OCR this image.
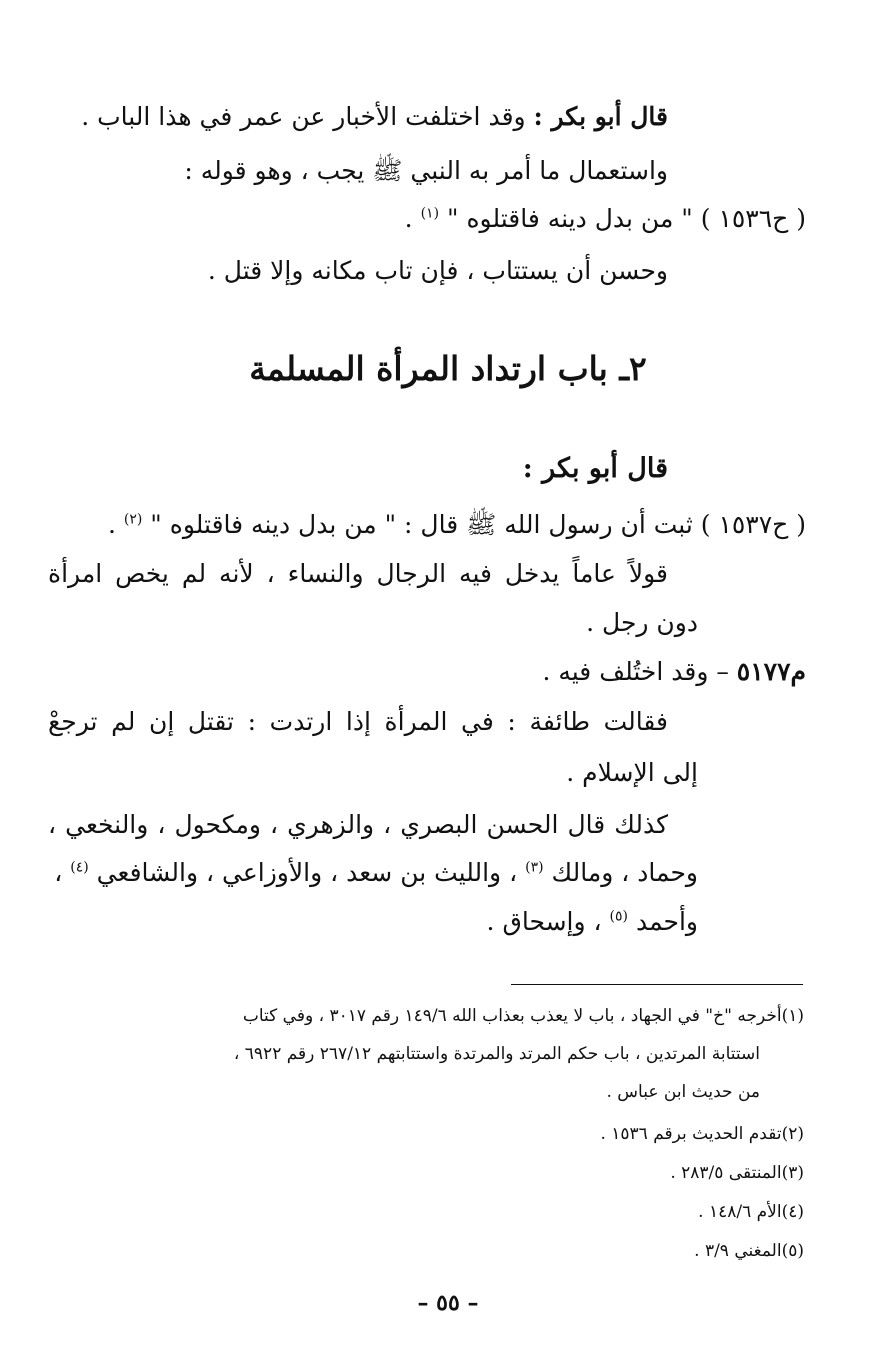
قال أبو بكر : وقد اختلفت الأخبار عن عمر في هذا الباب .
واستعمال ما أمر به النبي ﷺ يجب ، وهو قوله :
( ح١٥٣٦ ) " من بدل دينه فاقتلوه " $^{(١)}$ .
وحسن أن يستتاب ، فإن تاب مكانه وإلا قتل .
٢ـ باب ارتداد المرأة المسلمة
قال أبو بكر :
( ح١٥٣٧ ) ثبت أن رسول الله ﷺ قال : " من بدل دينه فاقتلوه " $^{(٢)}$ .
قولاً عاماً يدخل فيه الرجال والنساء ، لأنه لم يخص امرأة
دون رجل .
م٥١٧٧ – وقد اختُلف فيه .
فقالت طائفة : في المرأة إذا ارتدت : تقتل إن لم ترجعْ
إلى الإسلام .
كذلك قال الحسن البصري ، والزهري ، ومكحول ، والنخعي ،
وحماد ، ومالك $^{(٣)}$ ، والليث بن سعد ، والأوزاعي ، والشافعي $^{(٤)}$ ،
وأحمد $^{(٥)}$ ، وإسحاق .
(١)أخرجه "خ" في الجهاد ، باب لا يعذب بعذاب الله ١٤٩/٦ رقم ٣٠١٧ ، وفي كتاب
استتابة المرتدين ، باب حكم المرتد والمرتدة واستتابتهم ٢٦٧/١٢ رقم ٦٩٢٢ ،
من حديث ابن عباس .
(٢)تقدم الحديث برقم ١٥٣٦ .
(٣)المنتقى ٢٨٣/٥ .
(٤)الأم ١٤٨/٦ .
(٥)المغني ٣/٩ .
– ٥٥ –
